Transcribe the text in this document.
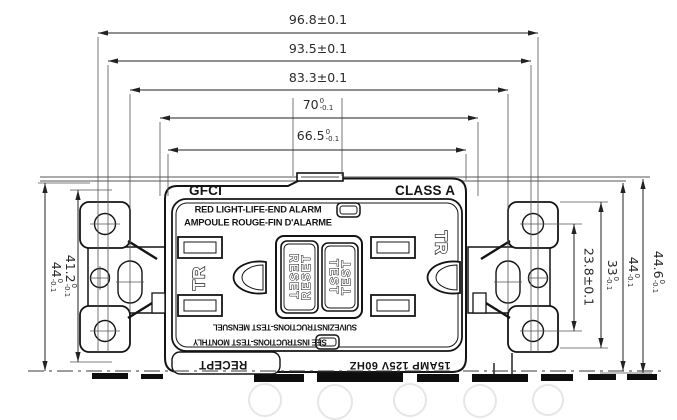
TR
TR
RESET RESET TEST TEST
GFCI	CLASS A
RED LIGHT-LIFE-END ALARM
AMPOULE ROUGE-FIN D'ALARME
SUIVEZINSTRUCTIONS-TEST MENSUEL
SEE INSTRUCTIONS-TEST MONTHLY
RECEPT	15AMP 125V 60HZ
96.8±0.1
93.5±0.1
83.3±0.1
70 0
-0.1
66.5 0
-0.1
44
0
-0.1
41.2
0
-0.1	23.8±0.1 33
0
-0.1
44
0
-0.1
44.6
0
-0.1
